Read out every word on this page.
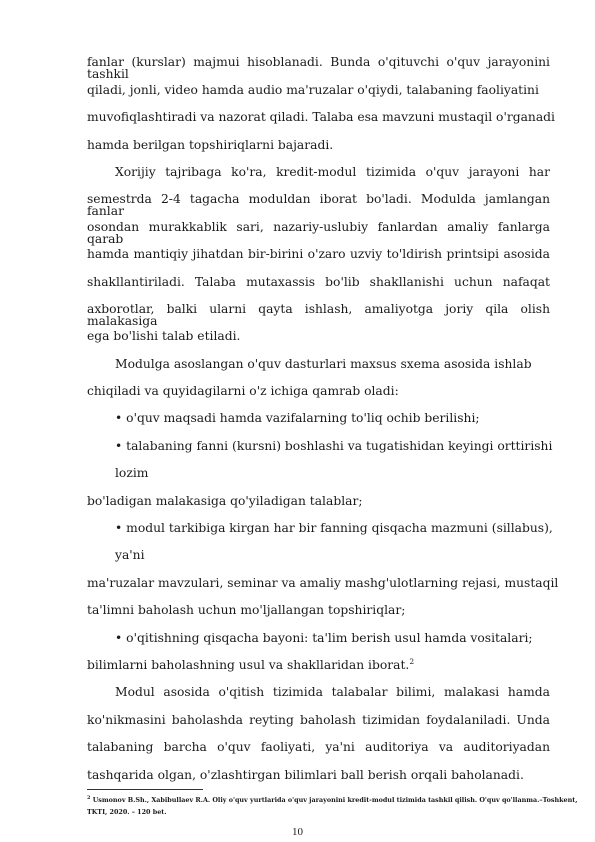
fanlar (kurslar) majmui hisoblanadi. Bunda o'qituvchi o'quv jarayonini tashkil
qiladi, jonli, video hamda audio ma'ruzalar o'qiydi, talabaning faoliyatini
muvofiqlashtiradi va nazorat qiladi. Talaba esa mavzuni mustaqil o'rganadi
hamda berilgan topshiriqlarni bajaradi.
Xorijiy tajribaga ko'ra, kredit-modul tizimida o'quv jarayoni har
semestrda 2-4 tagacha moduldan iborat bo'ladi. Modulda jamlangan fanlar
osondan murakkablik sari, nazariy-uslubiy fanlardan amaliy fanlarga qarab
hamda mantiqiy jihatdan bir-birini o'zaro uzviy to'ldirish printsipi asosida
shakllantiriladi. Talaba mutaxassis bo'lib shakllanishi uchun nafaqat
axborotlar, balki ularni qayta ishlash, amaliyotga joriy qila olish malakasiga
ega bo'lishi talab etiladi.
Modulga asoslangan o'quv dasturlari maxsus sxema asosida ishlab
chiqiladi va quyidagilarni o'z ichiga qamrab oladi:
• o'quv maqsadi hamda vazifalarning to'liq ochib berilishi;
• talabaning fanni (kursni) boshlashi va tugatishidan keyingi orttirishi
lozim
bo'ladigan malakasiga qo'yiladigan talablar;
• modul tarkibiga kirgan har bir fanning qisqacha mazmuni (sillabus),
ya'ni
ma'ruzalar mavzulari, seminar va amaliy mashg'ulotlarning rejasi, mustaqil
ta'limni baholash uchun mo'ljallangan topshiriqlar;
• o'qitishning qisqacha bayoni: ta'lim berish usul hamda vositalari;
bilimlarni baholashning usul va shakllaridan iborat.$^2$
Modul asosida o'qitish tizimida talabalar bilimi, malakasi hamda
ko'nikmasini baholashda reyting baholash tizimidan foydalaniladi. Unda
talabaning barcha o'quv faoliyati, ya'ni auditoriya va auditoriyadan
tashqarida olgan, o'zlashtirgan bilimlari ball berish orqali baholanadi.
$^2$ Usmonov B.Sh., Xabibullaev R.A. Oliy o'quv yurtlarida o'quv jarayonini kredit-modul tizimida tashkil qilish. O'quv qo'llanma.–Toshkent,
TKTI, 2020. – 120 bet.
10
